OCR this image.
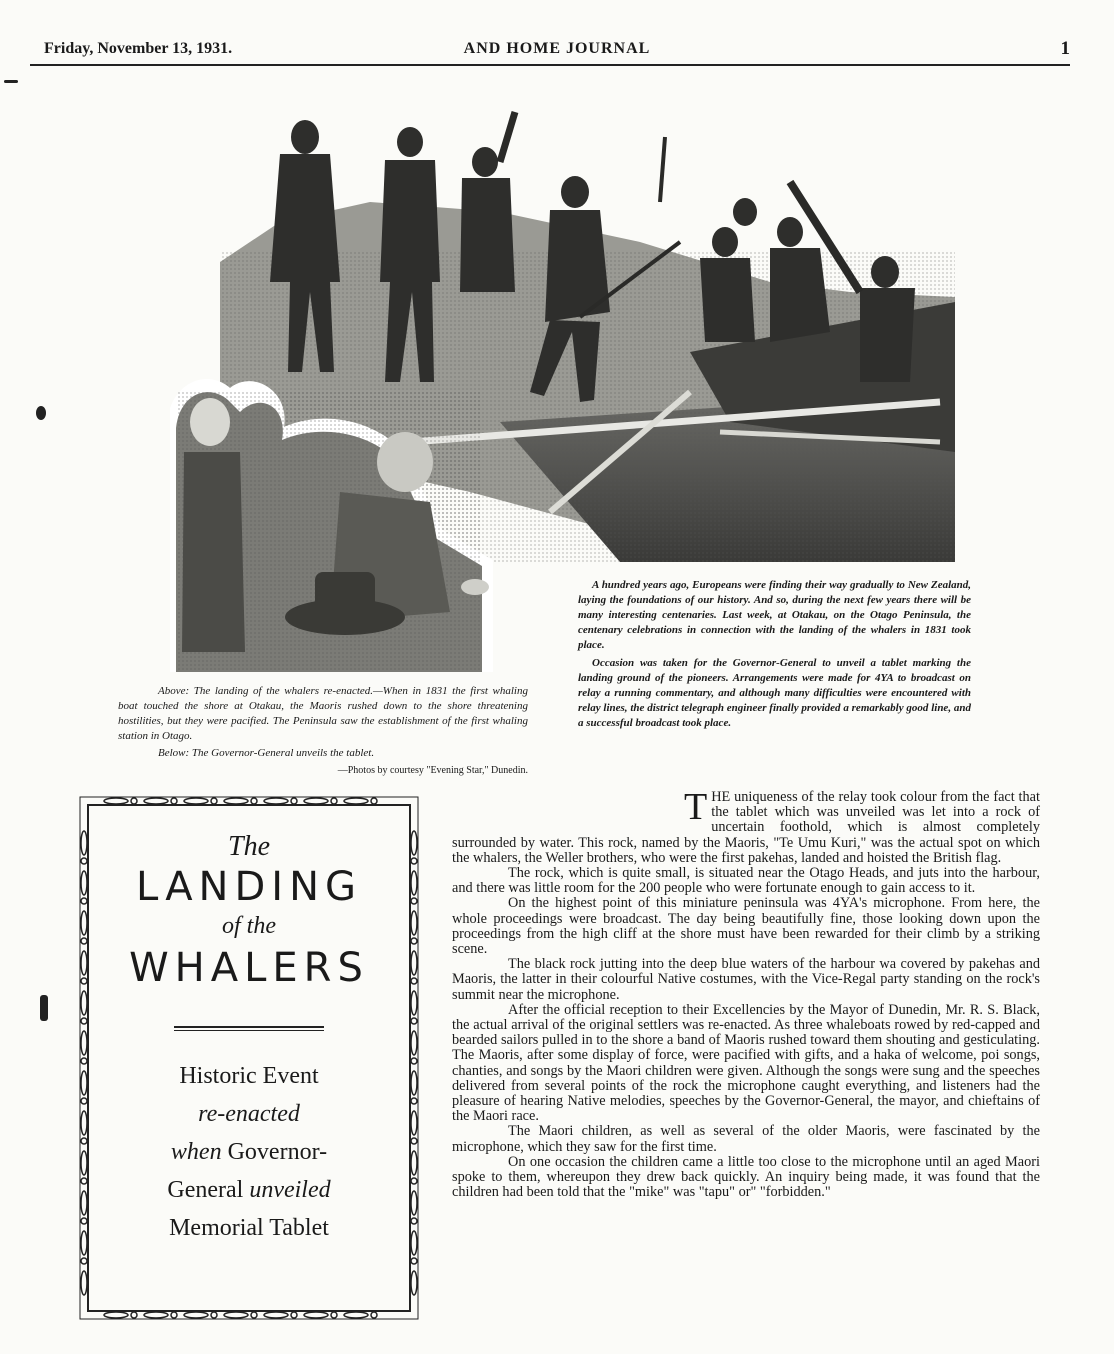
Friday, November 13, 1931.	AND HOME JOURNAL	1

A hundred years ago, Europeans were finding their way gradually to New Zealand, laying the foundations of our history. And so, during the next few years there will be many interesting centenaries. Last week, at Otakau, on the Otago Peninsula, the centenary celebrations in connection with the landing of the whalers in 1831 took place.

Occasion was taken for the Governor-General to unveil a tablet marking the landing ground of the pioneers. Arrangements were made for 4YA to broadcast on relay a running commentary, and although many difficulties were encountered with relay lines, the district telegraph engineer finally provided a remarkably good line, and a successful broadcast took place.

Above: The landing of the whalers re-enacted.—When in 1831 the first whaling boat touched the shore at Otakau, the Maoris rushed down to the shore threatening hostilities, but they were pacified. The Peninsula saw the establishment of the first whaling station in Otago.

Below: The Governor-General unveils the tablet.

—Photos by courtesy "Evening Star," Dunedin.

The
LANDING
of the
WHALERS
Historic Event
re-enacted
when Governor-
General unveiled
Memorial Tablet

THE uniqueness of the relay took colour from the fact that the tablet which was unveiled was let into a rock of uncertain foothold, which is almost completely surrounded by water. This rock, named by the Maoris, "Te Umu Kuri," was the actual spot on which the whalers, the Weller brothers, who were the first pakehas, landed and hoisted the British flag.

The rock, which is quite small, is situated near the Otago Heads, and juts into the harbour, and there was little room for the 200 people who were fortunate enough to gain access to it.

On the highest point of this miniature peninsula was 4YA's microphone. From here, the whole proceedings were broadcast. The day being beautifully fine, those looking down upon the proceedings from the high cliff at the shore must have been rewarded for their climb by a striking scene.

The black rock jutting into the deep blue waters of the harbour wa covered by pakehas and Maoris, the latter in their colourful Native costumes, with the Vice-Regal party standing on the rock's summit near the microphone.

After the official reception to their Excellencies by the Mayor of Dunedin, Mr. R. S. Black, the actual arrival of the original settlers was re-enacted. As three whaleboats rowed by red-capped and bearded sailors pulled in to the shore a band of Maoris rushed toward them shouting and gesticulating. The Maoris, after some display of force, were pacified with gifts, and a haka of welcome, poi songs, chanties, and songs by the Maori children were given. Although the songs were sung and the speeches delivered from several points of the rock the microphone caught everything, and listeners had the pleasure of hearing Native melodies, speeches by the Governor-General, the mayor, and chieftains of the Maori race.

The Maori children, as well as several of the older Maoris, were fascinated by the microphone, which they saw for the first time.

On one occasion the children came a little too close to the microphone until an aged Maori spoke to them, whereupon they drew back quickly. An inquiry being made, it was found that the children had been told that the "mike" was "tapu" or" "forbidden."
